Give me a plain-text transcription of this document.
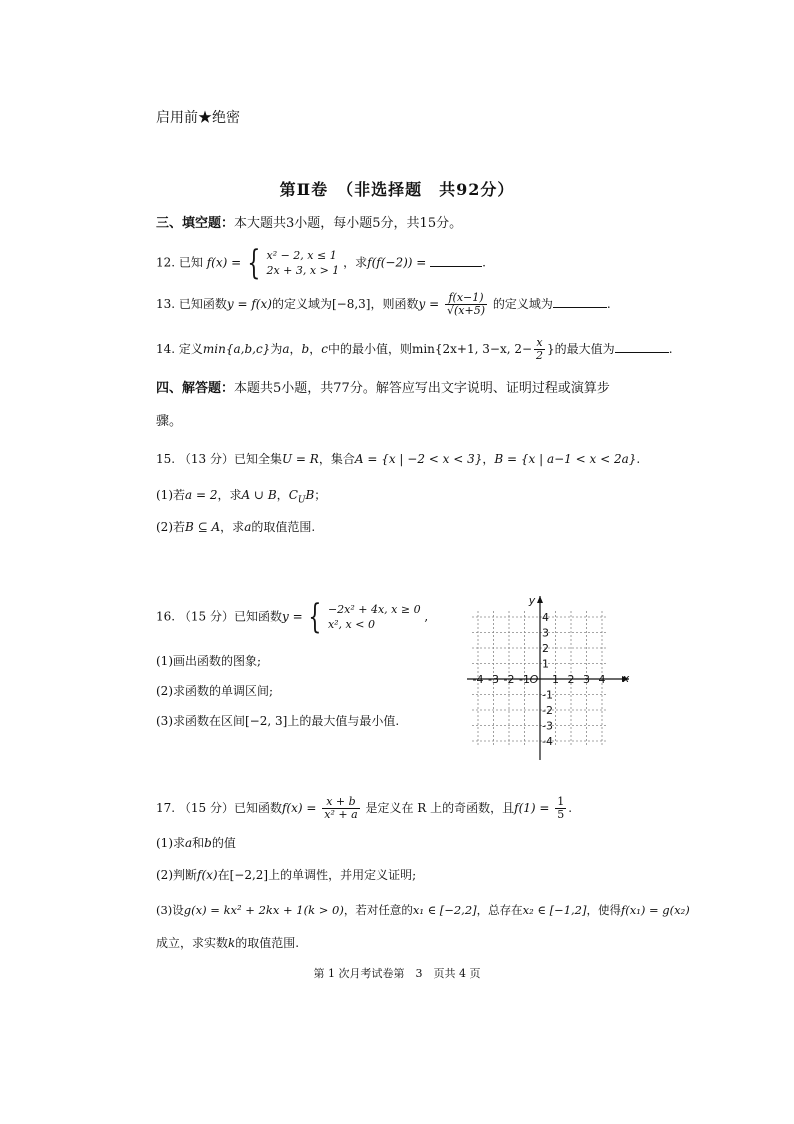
启用前★绝密
第Ⅱ卷　（非选择题　共92分）
三、填空题：本大题共3小题，每小题5分，共15分。
12. 已知 f(x) = { x² − 2, x ≤ 1
2x + 3, x > 1 ，求f(f(−2)) =	.
13. 已知函数y = f(x)的定义域为[−8,3]，则函数$y = \frac{f(x-1)}{√(x+5)}$ 的定义域为	.
14. 定义min{a,b,c}为a，b，c中的最小值，则min{2x+1, 3−x, $2- \frac{x}{2}$ }的最大值为	.
四、解答题：本题共5小题，共77分。解答应写出文字说明、证明过程或演算步
骤。
15. （13 分）已知全集U = R，集合A = {x | −2 < x < 3}，B = {x | a−1 < x < 2a}.
(1)若a = 2，求A ∪ B，$C_UB$；
(2)若B ⊆ A，求a的取值范围.
16. （15 分）已知函数y = { −2x² + 4x, x ≥ 0
x², x < 0 ,
(1)画出函数的图象;
(2)求函数的单调区间;
(3)求函数在区间[−2, 3]上的最大值与最小值.
-4 -3 -2 -1 1 2 3 4
4
3
2
1
-1
-2
-3
-4
O	x
y
17. （15 分）已知函数$f(x) = \frac{x + b}{\text{x² + a}}$ 是定义在 R 上的奇函数，且$f(1) = \frac{1}{5}$ .
(1)求a和b的值
(2)判断f(x)在[−2,2]上的单调性，并用定义证明;
(3)设g(x) = kx² + 2kx + 1(k > 0)，若对任意的x₁ ∈ [−2,2]，总存在x₂ ∈ [−1,2]，使得f(x₁) = g(x₂)
成立，求实数k的取值范围.
第 1 次月考试卷第　3　页共 4 页
